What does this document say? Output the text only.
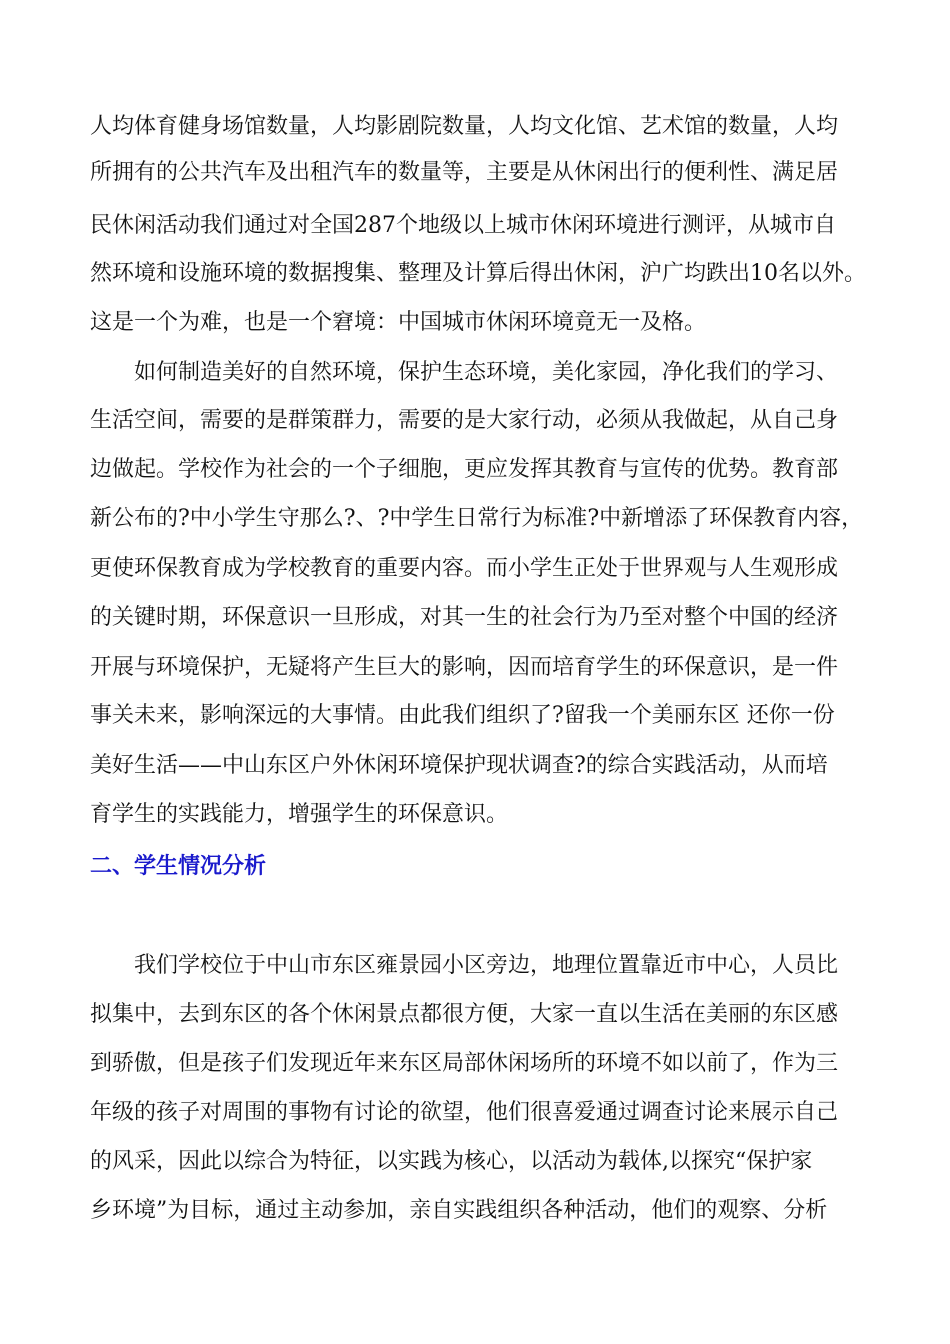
人均体育健身场馆数量，人均影剧院数量，人均文化馆、艺术馆的数量，人均
所拥有的公共汽车及出租汽车的数量等，主要是从休闲出行的便利性、满足居
民休闲活动我们通过对全国287个地级以上城市休闲环境进行测评，从城市自
然环境和设施环境的数据搜集、整理及计算后得出休闲，沪广均跌出10名以外。
这是一个为难，也是一个窘境：中国城市休闲环境竟无一及格。
如何制造美好的自然环境，保护生态环境，美化家园，净化我们的学习、
生活空间，需要的是群策群力，需要的是大家行动，必须从我做起，从自己身
边做起。学校作为社会的一个子细胞，更应发挥其教育与宣传的优势。教育部
新公布的?中小学生守那么?、?中学生日常行为标准?中新增添了环保教育内容，
更使环保教育成为学校教育的重要内容。而小学生正处于世界观与人生观形成
的关键时期，环保意识一旦形成，对其一生的社会行为乃至对整个中国的经济
开展与环境保护，无疑将产生巨大的影响，因而培育学生的环保意识，是一件
事关未来，影响深远的大事情。由此我们组织了?留我一个美丽东区 还你一份
美好生活——中山东区户外休闲环境保护现状调查?的综合实践活动，从而培
育学生的实践能力，增强学生的环保意识。
二、学生情况分析
我们学校位于中山市东区雍景园小区旁边，地理位置靠近市中心，人员比
拟集中，去到东区的各个休闲景点都很方便，大家一直以生活在美丽的东区感
到骄傲，但是孩子们发现近年来东区局部休闲场所的环境不如以前了，作为三
年级的孩子对周围的事物有讨论的欲望，他们很喜爱通过调查讨论来展示自己
的风采，因此以综合为特征，以实践为核心，以活动为载体,以探究“保护家
乡环境”为目标，通过主动参加，亲自实践组织各种活动，他们的观察、分析
